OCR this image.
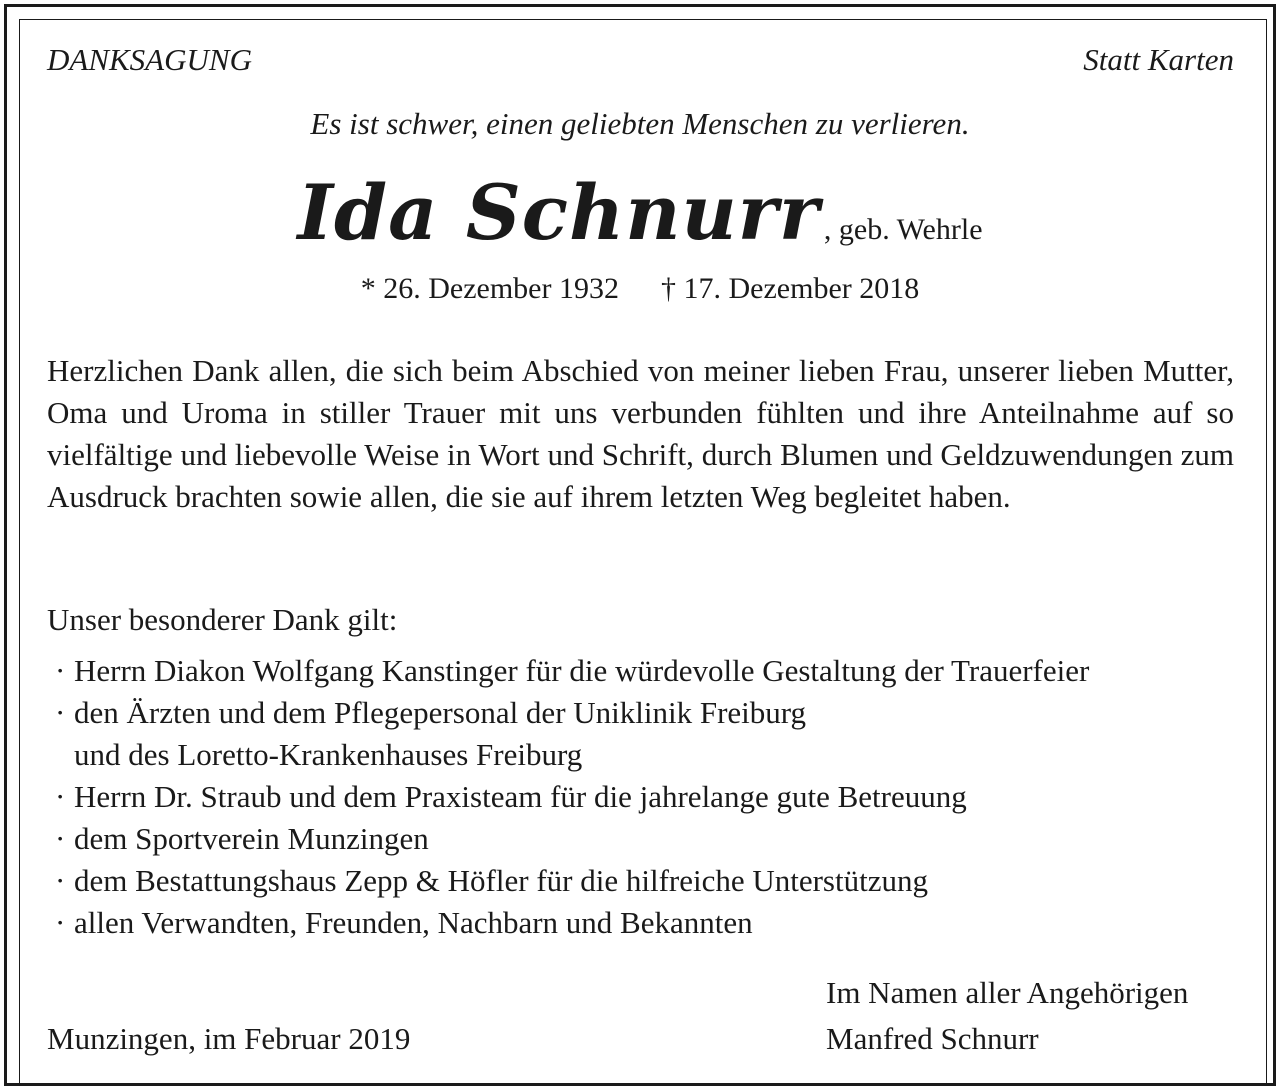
DANKSAGUNG	Statt Karten
Es ist schwer, einen geliebten Menschen zu verlieren.
Ida Schnurr , geb. Wehrle
* 26. Dezember 1932 † 17. Dezember 2018
Herzlichen Dank allen, die sich beim Abschied von meiner lieben Frau, unserer lieben Mutter, Oma und Uroma in stiller Trauer mit uns verbunden fühlten und ihre Anteilnahme auf so vielfältige und liebevolle Weise in Wort und Schrift, durch Blumen und Geldzuwendungen zum Ausdruck brachten sowie allen, die sie auf ihrem letzten Weg begleitet haben.
Unser besonderer Dank gilt:
· Herrn Diakon Wolfgang Kanstinger für die würdevolle Gestaltung der Trauerfeier
· den Ärzten und dem Pflegepersonal der Uniklinik Freiburg
und des Loretto-Krankenhauses Freiburg
· Herrn Dr. Straub und dem Praxisteam für die jahrelange gute Betreuung
· dem Sportverein Munzingen
· dem Bestattungshaus Zepp & Höfler für die hilfreiche Unterstützung
· allen Verwandten, Freunden, Nachbarn und Bekannten
Im Namen aller Angehörigen
Munzingen, im Februar 2019	Manfred Schnurr
